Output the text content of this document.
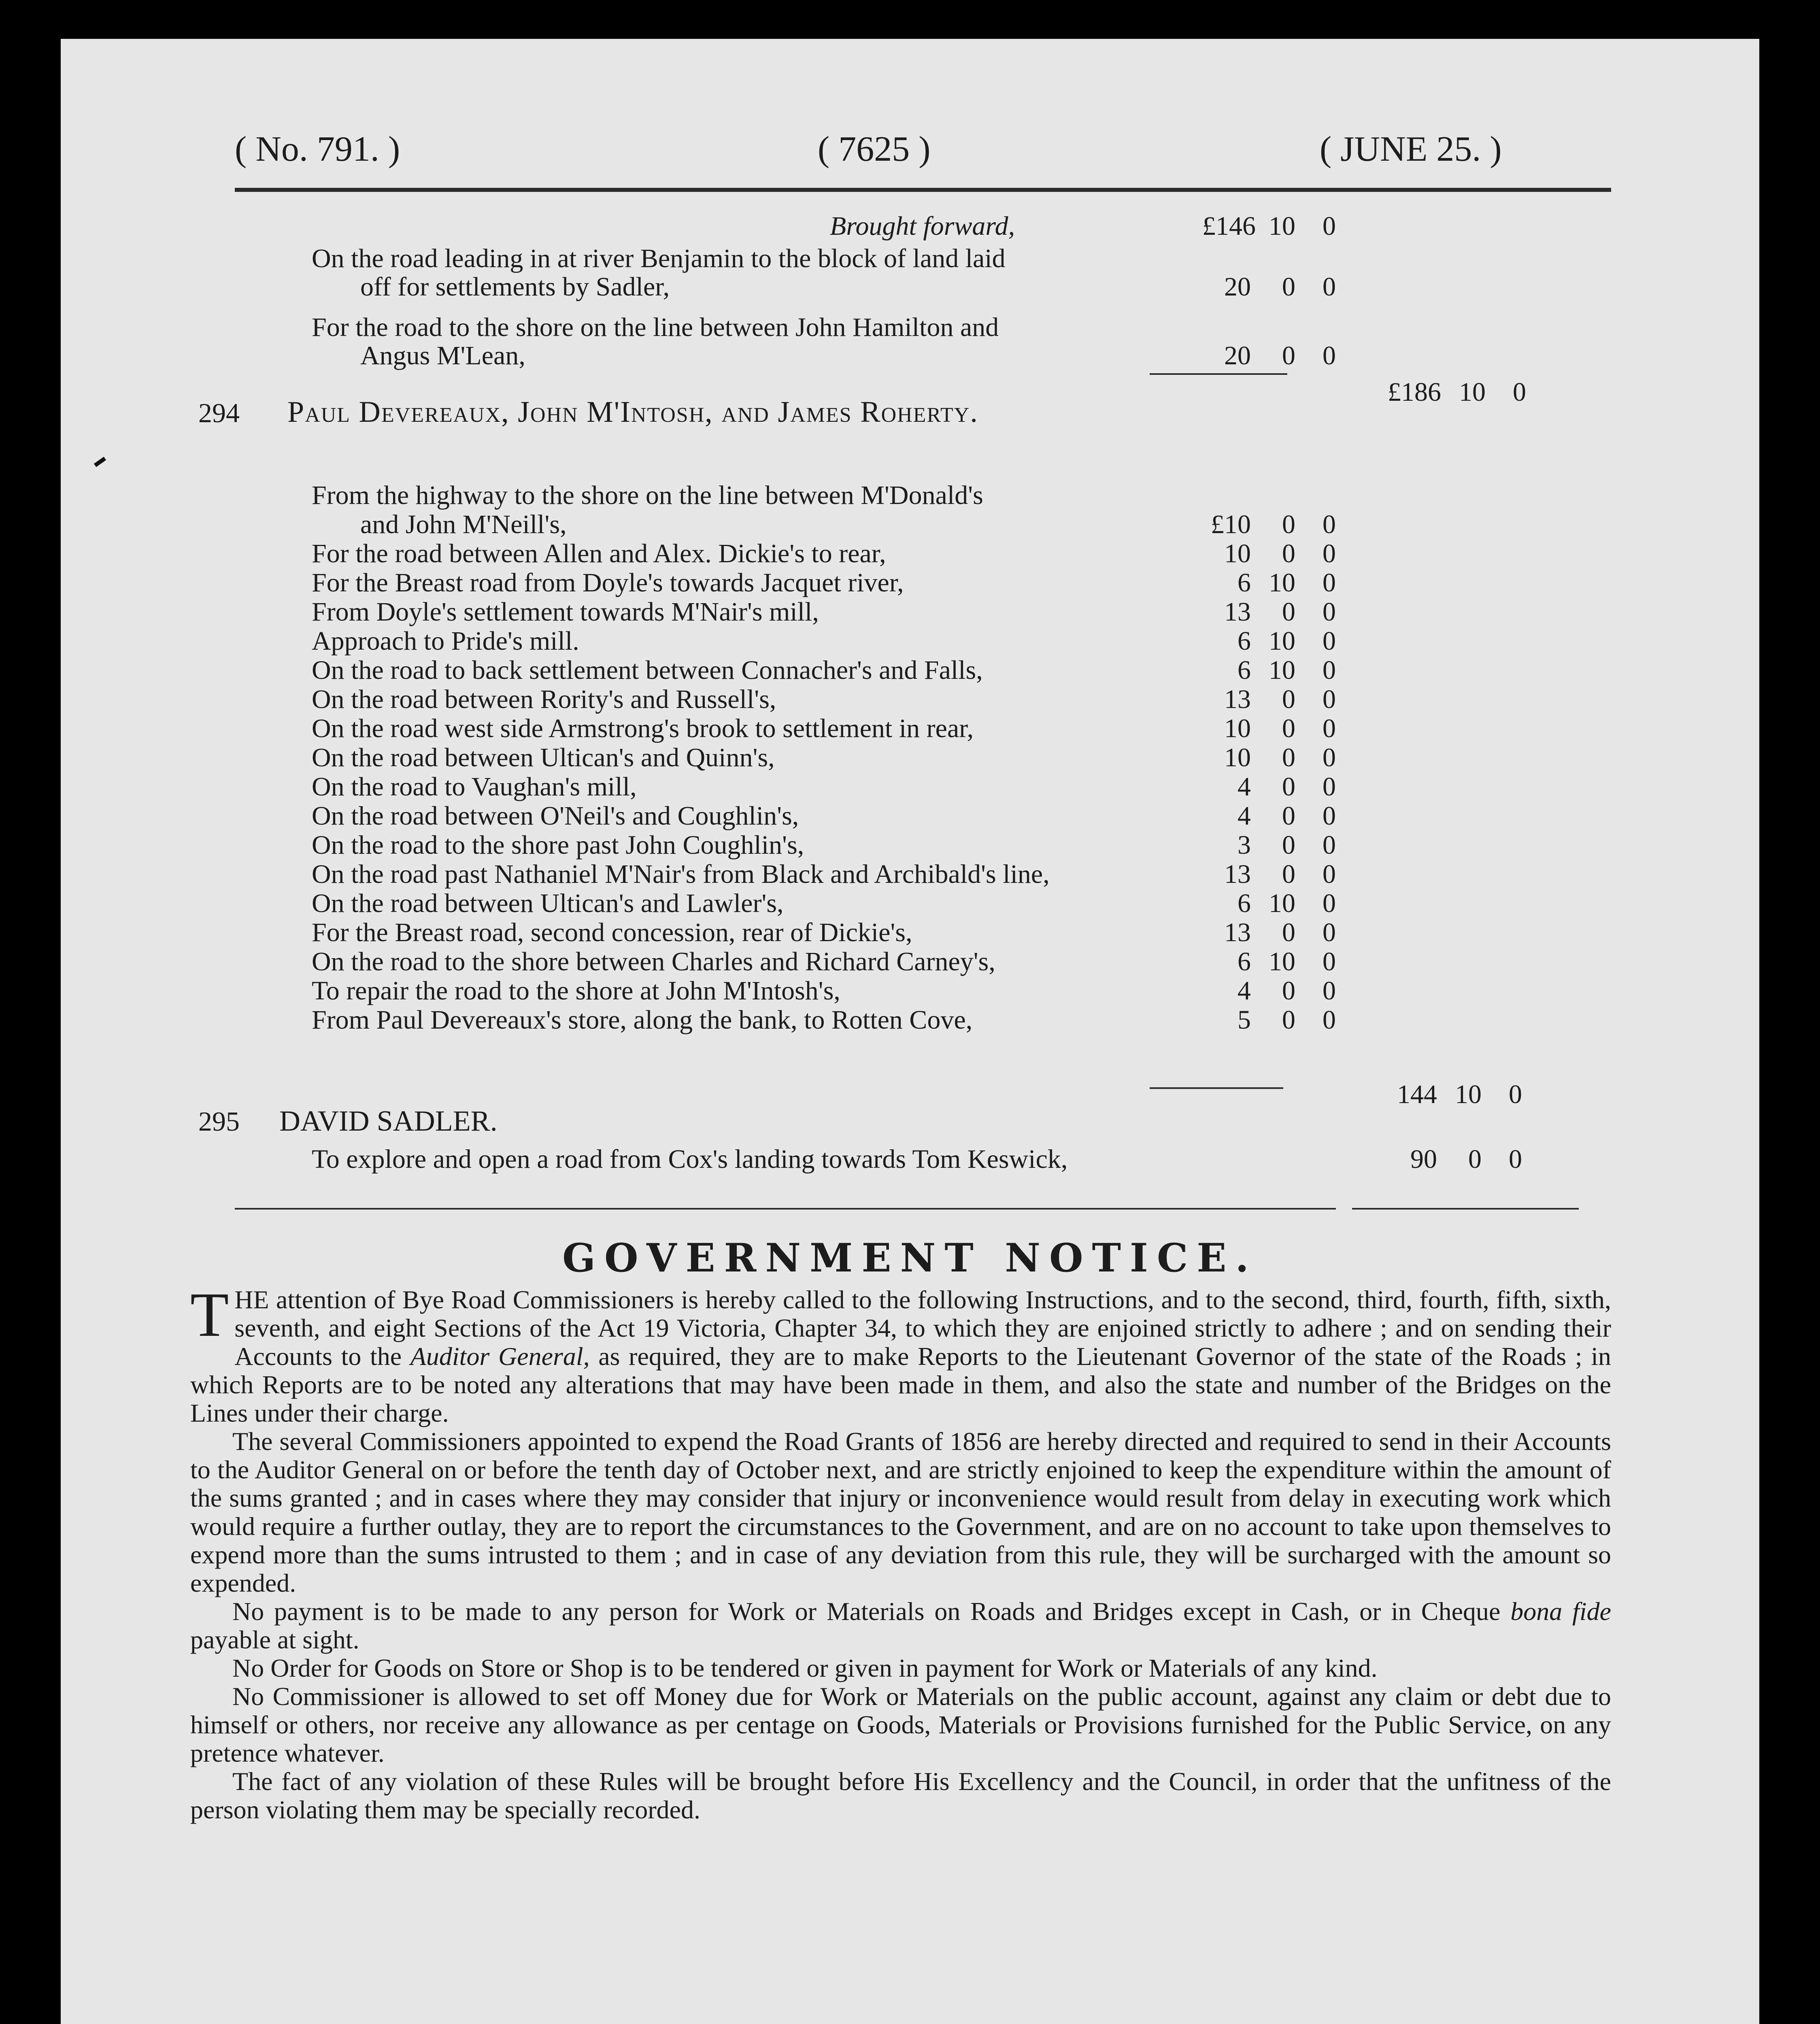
( No. 791. )	( 7625 )	( JUNE 25. )
Brought forward,	£146 10 0
On the road leading in at river Benjamin to the block of land laid
off for settlements by Sadler,	20 0 0
For the road to the shore on the line between John Hamilton and
Angus M'Lean,	20 0 0
£186 10 0
294 Paul Devereaux, John M'Intosh, and James Roherty.
From the highway to the shore on the line between M'Donald's
and John M'Neill's,	£10 0 0
For the road between Allen and Alex. Dickie's to rear,	10 0 0
For the Breast road from Doyle's towards Jacquet river,	6 10 0
From Doyle's settlement towards M'Nair's mill,	13 0 0
Approach to Pride's mill.	6 10 0
On the road to back settlement between Connacher's and Falls,	6 10 0
On the road between Rority's and Russell's,	13 0 0
On the road west side Armstrong's brook to settlement in rear,	10 0 0
On the road between Ultican's and Quinn's,	10 0 0
On the road to Vaughan's mill,	4 0 0
On the road between O'Neil's and Coughlin's,	4 0 0
On the road to the shore past John Coughlin's,	3 0 0
On the road past Nathaniel M'Nair's from Black and Archibald's line,	13 0 0
On the road between Ultican's and Lawler's,	6 10 0
For the Breast road, second concession, rear of Dickie's,	13 0 0
On the road to the shore between Charles and Richard Carney's,	6 10 0
To repair the road to the shore at John M'Intosh's,	4 0 0
From Paul Devereaux's store, along the bank, to Rotten Cove,	5 0 0
144 10 0
295 DAVID SADLER.
To explore and open a road from Cox's landing towards Tom Keswick,	90 0 0
GOVERNMENT NOTICE.

THE attention of Bye Road Commissioners is hereby called to the following Instructions, and to the second, third, fourth, fifth, sixth, seventh, and eight Sections of the Act 19 Victoria, Chapter 34, to which they are enjoined strictly to adhere ; and on sending their Accounts to the Auditor General, as required, they are to make Reports to the Lieutenant Governor of the state of the Roads ; in which Reports are to be noted any alterations that may have been made in them, and also the state and number of the Bridges on the Lines under their charge.

The several Commissioners appointed to expend the Road Grants of 1856 are hereby directed and required to send in their Accounts to the Auditor General on or before the tenth day of October next, and are strictly enjoined to keep the expenditure within the amount of the sums granted ; and in cases where they may consider that injury or inconvenience would result from delay in executing work which would require a further outlay, they are to report the circumstances to the Government, and are on no account to take upon themselves to expend more than the sums intrusted to them ; and in case of any deviation from this rule, they will be surcharged with the amount so expended.

No payment is to be made to any person for Work or Materials on Roads and Bridges except in Cash, or in Cheque bona fide payable at sight.

No Order for Goods on Store or Shop is to be tendered or given in payment for Work or Materials of any kind.

No Commissioner is allowed to set off Money due for Work or Materials on the public account, against any claim or debt due to himself or others, nor receive any allowance as per centage on Goods, Materials or Provisions furnished for the Public Service, on any pretence whatever.

The fact of any violation of these Rules will be brought before His Excellency and the Council, in order that the unfitness of the person violating them may be specially recorded.
